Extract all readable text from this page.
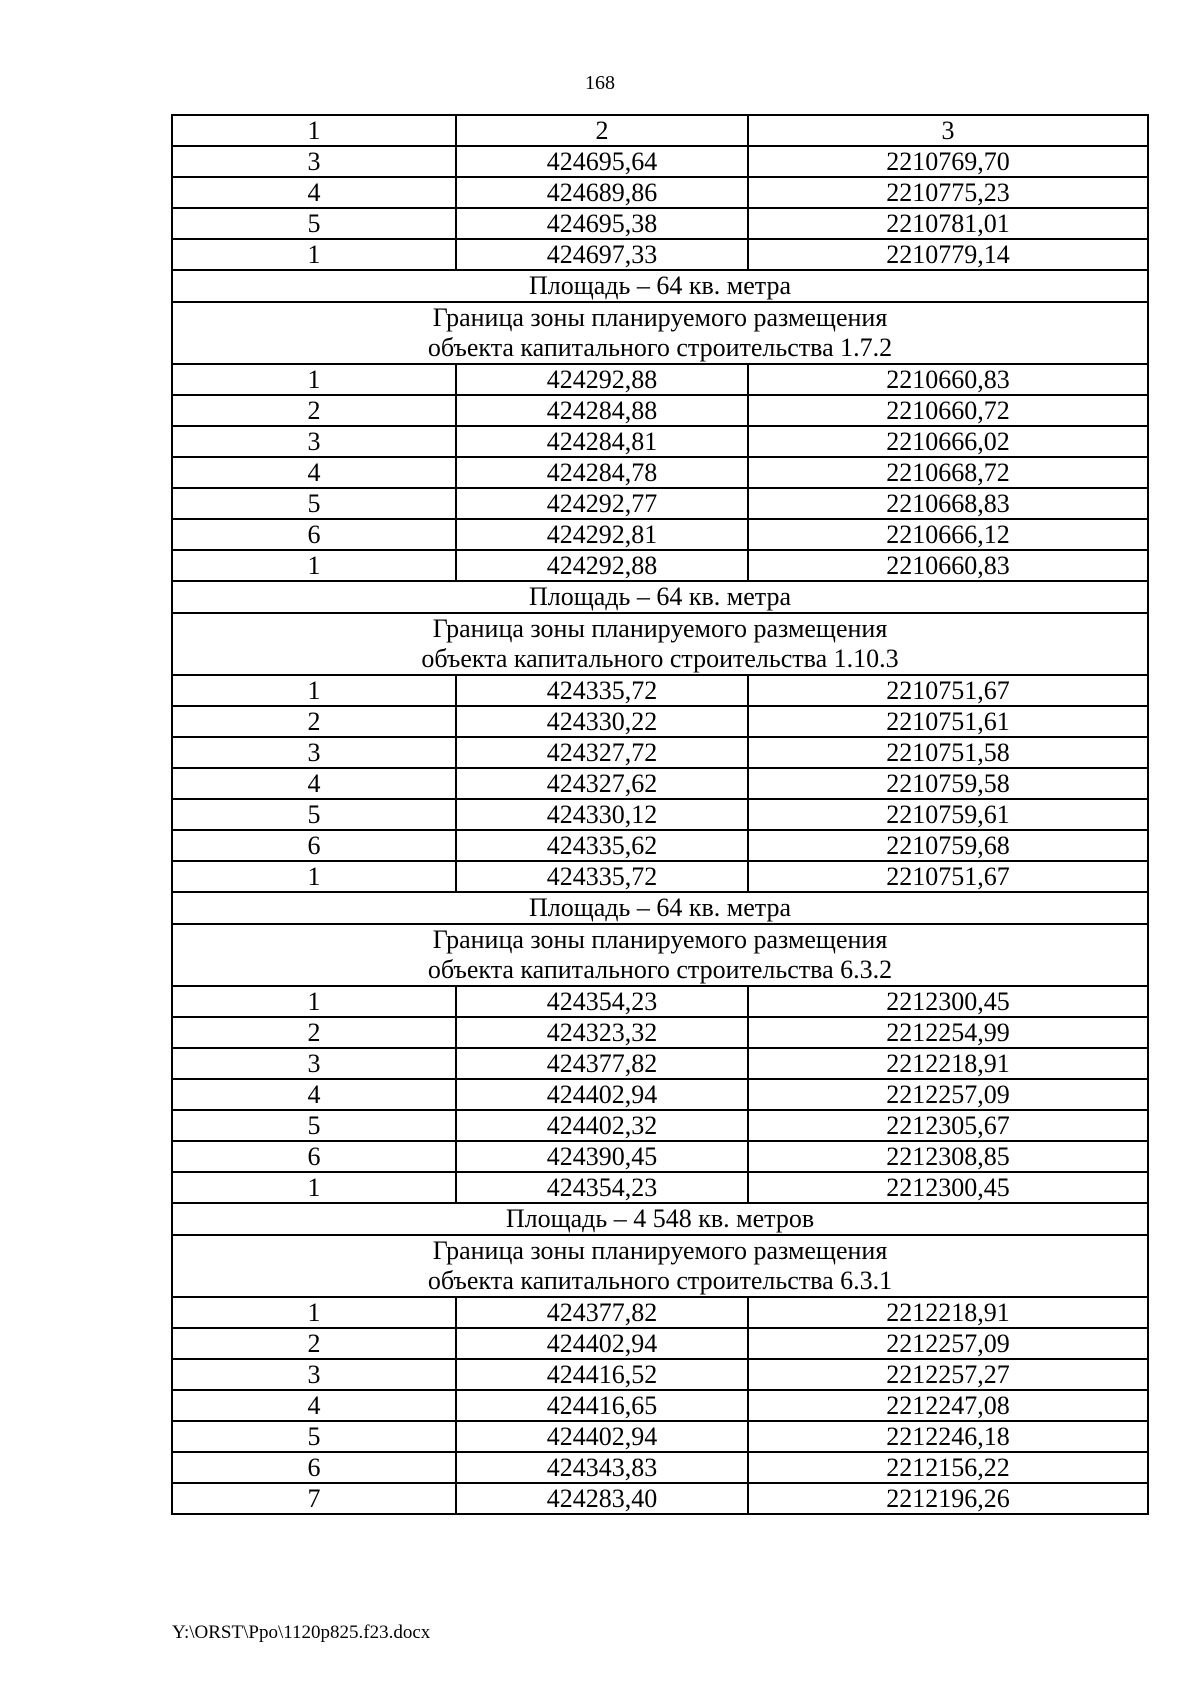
168
1	2	3
3	424695,64	2210769,70
4	424689,86	2210775,23
5	424695,38	2210781,01
1	424697,33	2210779,14
Площадь – 64 кв. метра		

Граница зоны планируемого размещения
объекта капитального строительства 1.7.2		

1	424292,88	2210660,83
2	424284,88	2210660,72
3	424284,81	2210666,02
4	424284,78	2210668,72
5	424292,77	2210668,83
6	424292,81	2210666,12
1	424292,88	2210660,83
Площадь – 64 кв. метра		

Граница зоны планируемого размещения
объекта капитального строительства 1.10.3		

1	424335,72	2210751,67
2	424330,22	2210751,61
3	424327,72	2210751,58
4	424327,62	2210759,58
5	424330,12	2210759,61
6	424335,62	2210759,68
1	424335,72	2210751,67
Площадь – 64 кв. метра		

Граница зоны планируемого размещения
объекта капитального строительства 6.3.2		

1	424354,23	2212300,45
2	424323,32	2212254,99
3	424377,82	2212218,91
4	424402,94	2212257,09
5	424402,32	2212305,67
6	424390,45	2212308,85
1	424354,23	2212300,45
Площадь – 4 548 кв. метров		

Граница зоны планируемого размещения
объекта капитального строительства 6.3.1		

1	424377,82	2212218,91
2	424402,94	2212257,09
3	424416,52	2212257,27
4	424416,65	2212247,08
5	424402,94	2212246,18
6	424343,83	2212156,22
7	424283,40	2212196,26
Y:\ORST\Ppo\1120p825.f23.docx
